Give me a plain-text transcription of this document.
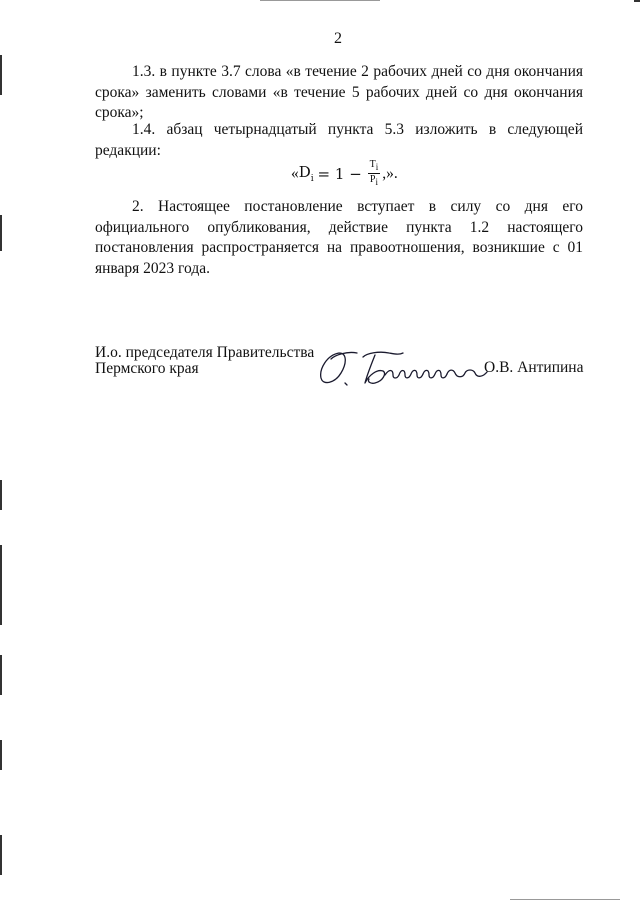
2
1.3. в пункте 3.7 слова «в течение 2 рабочих дней со дня окончания срока» заменить словами «в течение 5 рабочих дней со дня окончания срока»;
1.4. абзац четырнадцатый пункта 5.3 изложить в следующей редакции:
« $D_i$
= 1 −
$\frac{T_i}{P_i}$ ,».
2. Настоящее постановление вступает в силу со дня его официального опубликования, действие пункта 1.2 настоящего постановления распространяется на правоотношения, возникшие с 01 января 2023 года.
И.о. председателя Правительства
Пермского края	О.В. Антипина
